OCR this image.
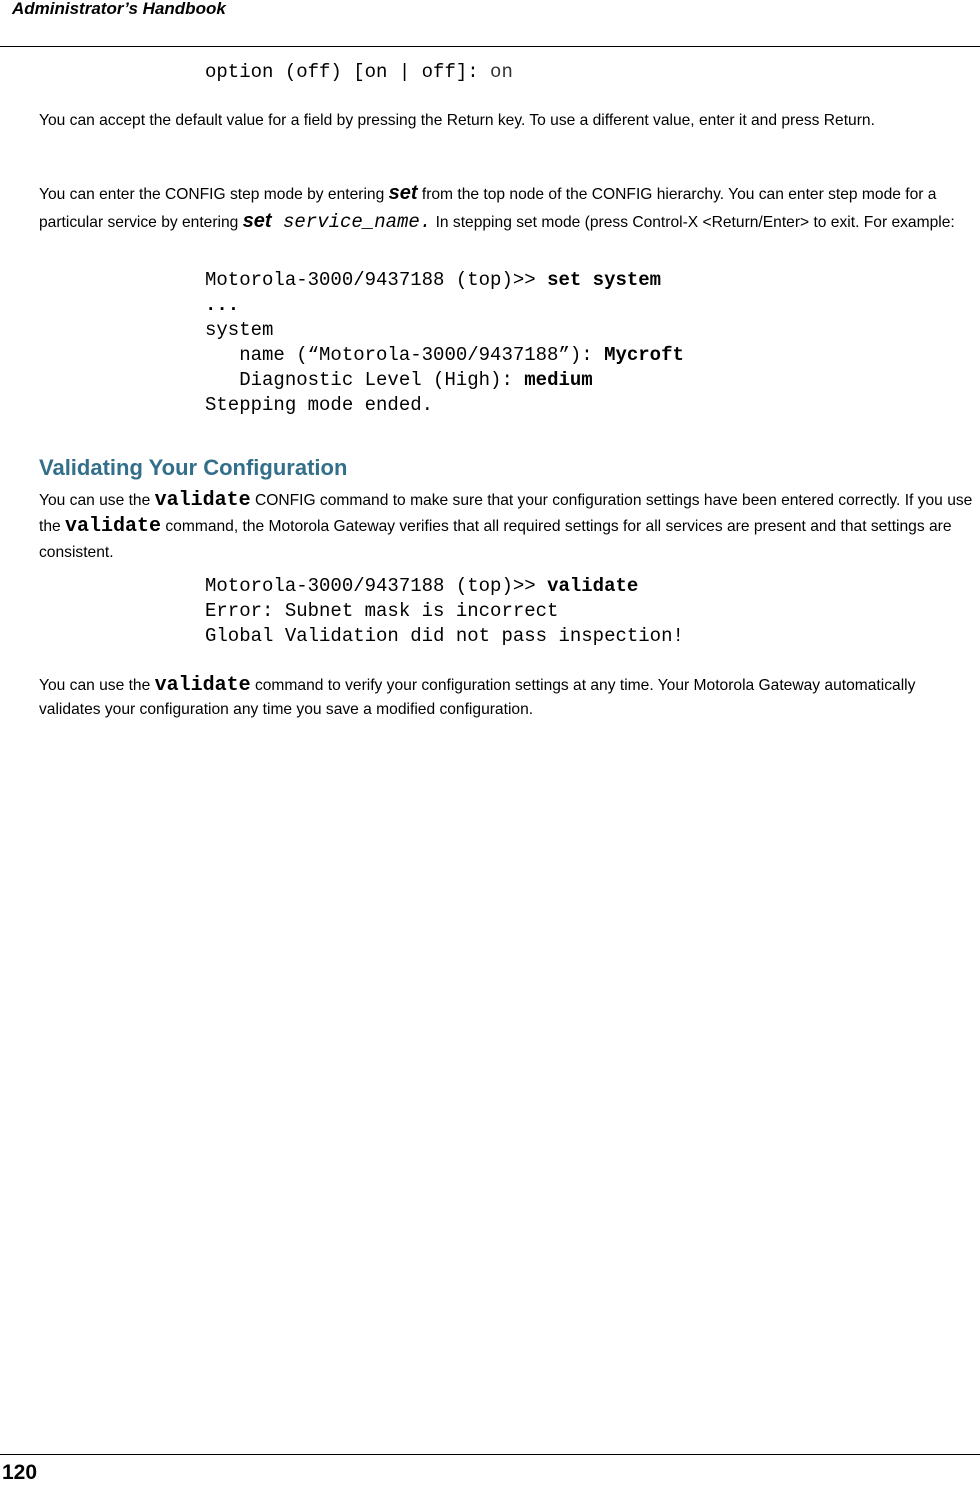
Administrator’s Handbook
option (off) [on | off]: on

You can accept the default value for a field by pressing the Return key. To use a different value, enter it and press Return.

You can enter the CONFIG step mode by entering set from the top node of the CONFIG hierarchy. You can enter step mode for a particular service by entering set service_name. In stepping set mode (press Control-X <Return/Enter> to exit. For example:

Motorola-3000/9437188 (top)>> set system
...
system
name (“Motorola-3000/9437188”): Mycroft
Diagnostic Level (High): medium
Stepping mode ended.
Validating Your Configuration

You can use the validate CONFIG command to make sure that your configuration settings have been entered correctly. If you use the validate command, the Motorola Gateway verifies that all required settings for all services are present and that settings are consistent.

Motorola-3000/9437188 (top)>> validate
Error: Subnet mask is incorrect
Global Validation did not pass inspection!

You can use the validate command to verify your configuration settings at any time. Your Motorola Gateway automatically validates your configuration any time you save a modified configuration.

120
